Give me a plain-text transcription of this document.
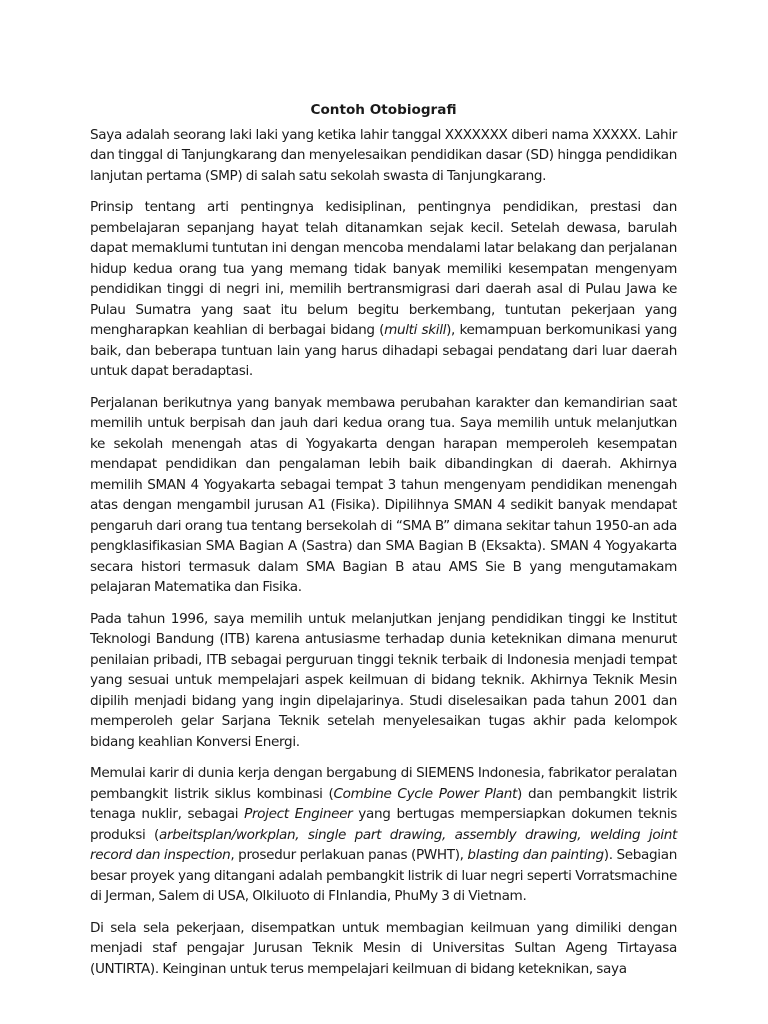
Contoh Otobiografi

Saya adalah seorang laki laki yang ketika lahir tanggal XXXXXXX diberi nama XXXXX. Lahir dan tinggal di Tanjungkarang dan menyelesaikan pendidikan dasar (SD) hingga pendidikan lanjutan pertama (SMP) di salah satu sekolah swasta di Tanjungkarang.

Prinsip tentang arti pentingnya kedisiplinan, pentingnya pendidikan, prestasi dan pembelajaran sepanjang hayat telah ditanamkan sejak kecil. Setelah dewasa, barulah dapat memaklumi tuntutan ini dengan mencoba mendalami latar belakang dan perjalanan hidup kedua orang tua yang memang tidak banyak memiliki kesempatan mengenyam pendidikan tinggi di negri ini, memilih bertransmigrasi dari daerah asal di Pulau Jawa ke Pulau Sumatra yang saat itu belum begitu berkembang, tuntutan pekerjaan yang mengharapkan keahlian di berbagai bidang (multi skill), kemampuan berkomunikasi yang baik, dan beberapa tuntuan lain yang harus dihadapi sebagai pendatang dari luar daerah untuk dapat beradaptasi.

Perjalanan berikutnya yang banyak membawa perubahan karakter dan kemandirian saat memilih untuk berpisah dan jauh dari kedua orang tua. Saya memilih untuk melanjutkan ke sekolah menengah atas di Yogyakarta dengan harapan memperoleh kesempatan mendapat pendidikan dan pengalaman lebih baik dibandingkan di daerah. Akhirnya memilih SMAN 4 Yogyakarta sebagai tempat 3 tahun mengenyam pendidikan menengah atas dengan mengambil jurusan A1 (Fisika). Dipilihnya SMAN 4 sedikit banyak mendapat pengaruh dari orang tua tentang bersekolah di “SMA B” dimana sekitar tahun 1950-an ada pengklasifikasian SMA Bagian A (Sastra) dan SMA Bagian B (Eksakta). SMAN 4 Yogyakarta secara histori termasuk dalam SMA Bagian B atau AMS Sie B yang mengutamakam pelajaran Matematika dan Fisika.

Pada tahun 1996, saya memilih untuk melanjutkan jenjang pendidikan tinggi ke Institut Teknologi Bandung (ITB) karena antusiasme terhadap dunia keteknikan dimana menurut penilaian pribadi, ITB sebagai perguruan tinggi teknik terbaik di Indonesia menjadi tempat yang sesuai untuk mempelajari aspek keilmuan di bidang teknik. Akhirnya Teknik Mesin dipilih menjadi bidang yang ingin dipelajarinya. Studi diselesaikan pada tahun 2001 dan memperoleh gelar Sarjana Teknik setelah menyelesaikan tugas akhir pada kelompok bidang keahlian Konversi Energi.

Memulai karir di dunia kerja dengan bergabung di SIEMENS Indonesia, fabrikator peralatan pembangkit listrik siklus kombinasi (Combine Cycle Power Plant) dan pembangkit listrik tenaga nuklir, sebagai Project Engineer yang bertugas mempersiapkan dokumen teknis produksi (arbeitsplan/workplan, single part drawing, assembly drawing, welding joint record dan inspection, prosedur perlakuan panas (PWHT), blasting dan painting). Sebagian besar proyek yang ditangani adalah pembangkit listrik di luar negri seperti Vorratsmachine di Jerman, Salem di USA, Olkiluoto di FInlandia, PhuMy 3 di Vietnam.

Di sela sela pekerjaan, disempatkan untuk membagian keilmuan yang dimiliki dengan menjadi staf pengajar Jurusan Teknik Mesin di Universitas Sultan Ageng Tirtayasa (UNTIRTA). Keinginan untuk terus mempelajari keilmuan di bidang keteknikan, saya
